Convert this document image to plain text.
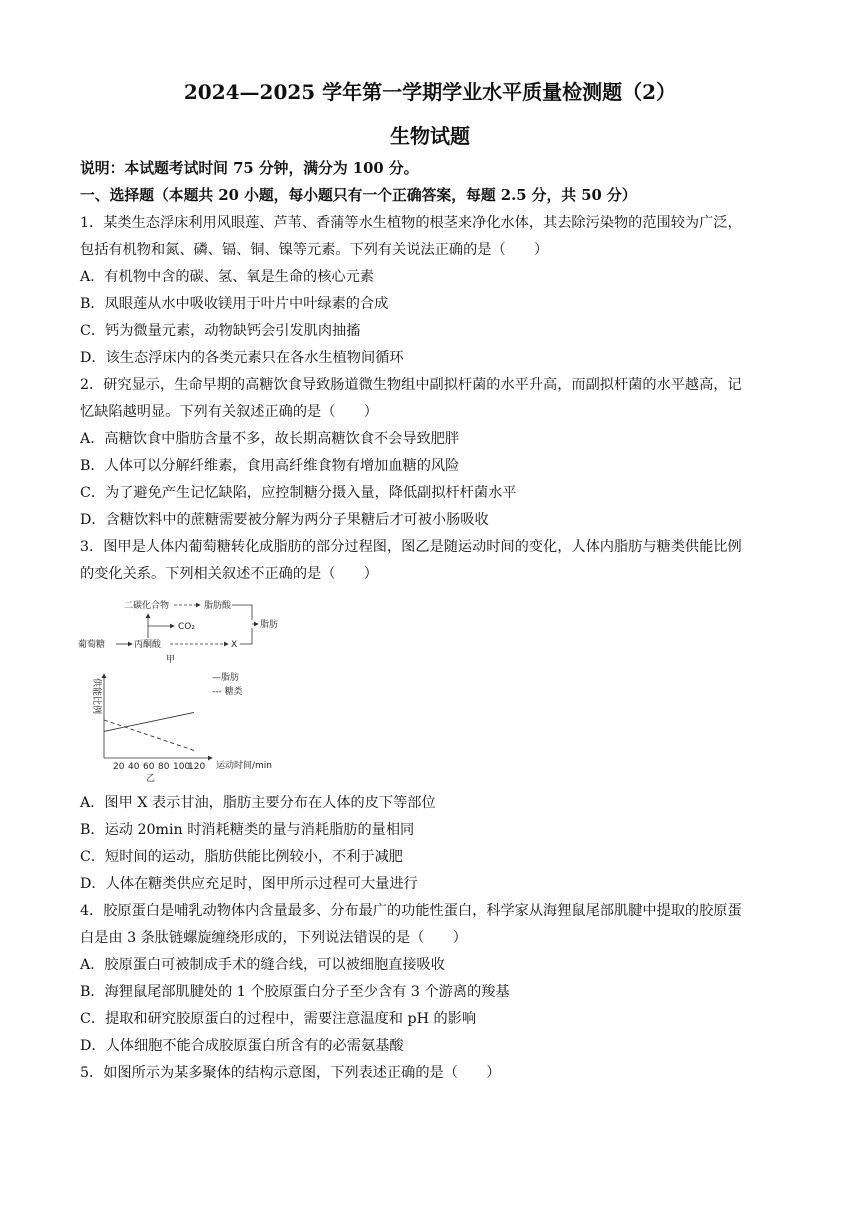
2024—2025 学年第一学期学业水平质量检测题（2）
生物试题
说明：本试题考试时间 75 分钟，满分为 100 分。
一、选择题（本题共 20 小题，每小题只有一个正确答案，每题 2.5 分，共 50 分）
1．某类生态浮床利用风眼莲、芦苇、香蒲等水生植物的根茎来净化水体，其去除污染物的范围较为广泛，
包括有机物和氮、磷、镉、铜、镍等元素。下列有关说法正确的是（　　）
A．有机物中含的碳、氢、氧是生命的核心元素
B．凤眼莲从水中吸收镁用于叶片中叶绿素的合成
C．钙为微量元素，动物缺钙会引发肌肉抽搐
D．该生态浮床内的各类元素只在各水生植物间循环
2．研究显示，生命早期的高糖饮食导致肠道微生物组中副拟杆菌的水平升高，而副拟杆菌的水平越高，记
忆缺陷越明显。下列有关叙述正确的是（　　）
A．高糖饮食中脂肪含量不多，故长期高糖饮食不会导致肥胖
B．人体可以分解纤维素，食用高纤维食物有增加血糖的风险
C．为了避免产生记忆缺陷，应控制糖分摄入量，降低副拟杆杆菌水平
D．含糖饮料中的蔗糖需要被分解为两分子果糖后才可被小肠吸收
3．图甲是人体内葡萄糖转化成脂肪的部分过程图，图乙是随运动时间的变化，人体内脂肪与糖类供能比例
的变化关系。下列相关叙述不正确的是（　　）
二碳化合物	脂肪酸
脂肪
CO₂
葡萄糖	丙酮酸	X
甲
供能比例
20 40 60 80 100
120 运动时间/min
—脂肪
--- 糖类
乙
A．图甲 X 表示甘油，脂肪主要分布在人体的皮下等部位
B．运动 20min 时消耗糖类的量与消耗脂肪的量相同
C．短时间的运动，脂肪供能比例较小，不利于减肥
D．人体在糖类供应充足时，图甲所示过程可大量进行
4．胶原蛋白是哺乳动物体内含量最多、分布最广的功能性蛋白，科学家从海狸鼠尾部肌腱中提取的胶原蛋
白是由 3 条肽链螺旋缠绕形成的，下列说法错误的是（　　）
A．胶原蛋白可被制成手术的缝合线，可以被细胞直接吸收
B．海狸鼠尾部肌腱处的 1 个胶原蛋白分子至少含有 3 个游离的羧基
C．提取和研究胶原蛋白的过程中，需要注意温度和 pH 的影响
D．人体细胞不能合成胶原蛋白所含有的必需氨基酸
5．如图所示为某多聚体的结构示意图，下列表述正确的是（　　）
